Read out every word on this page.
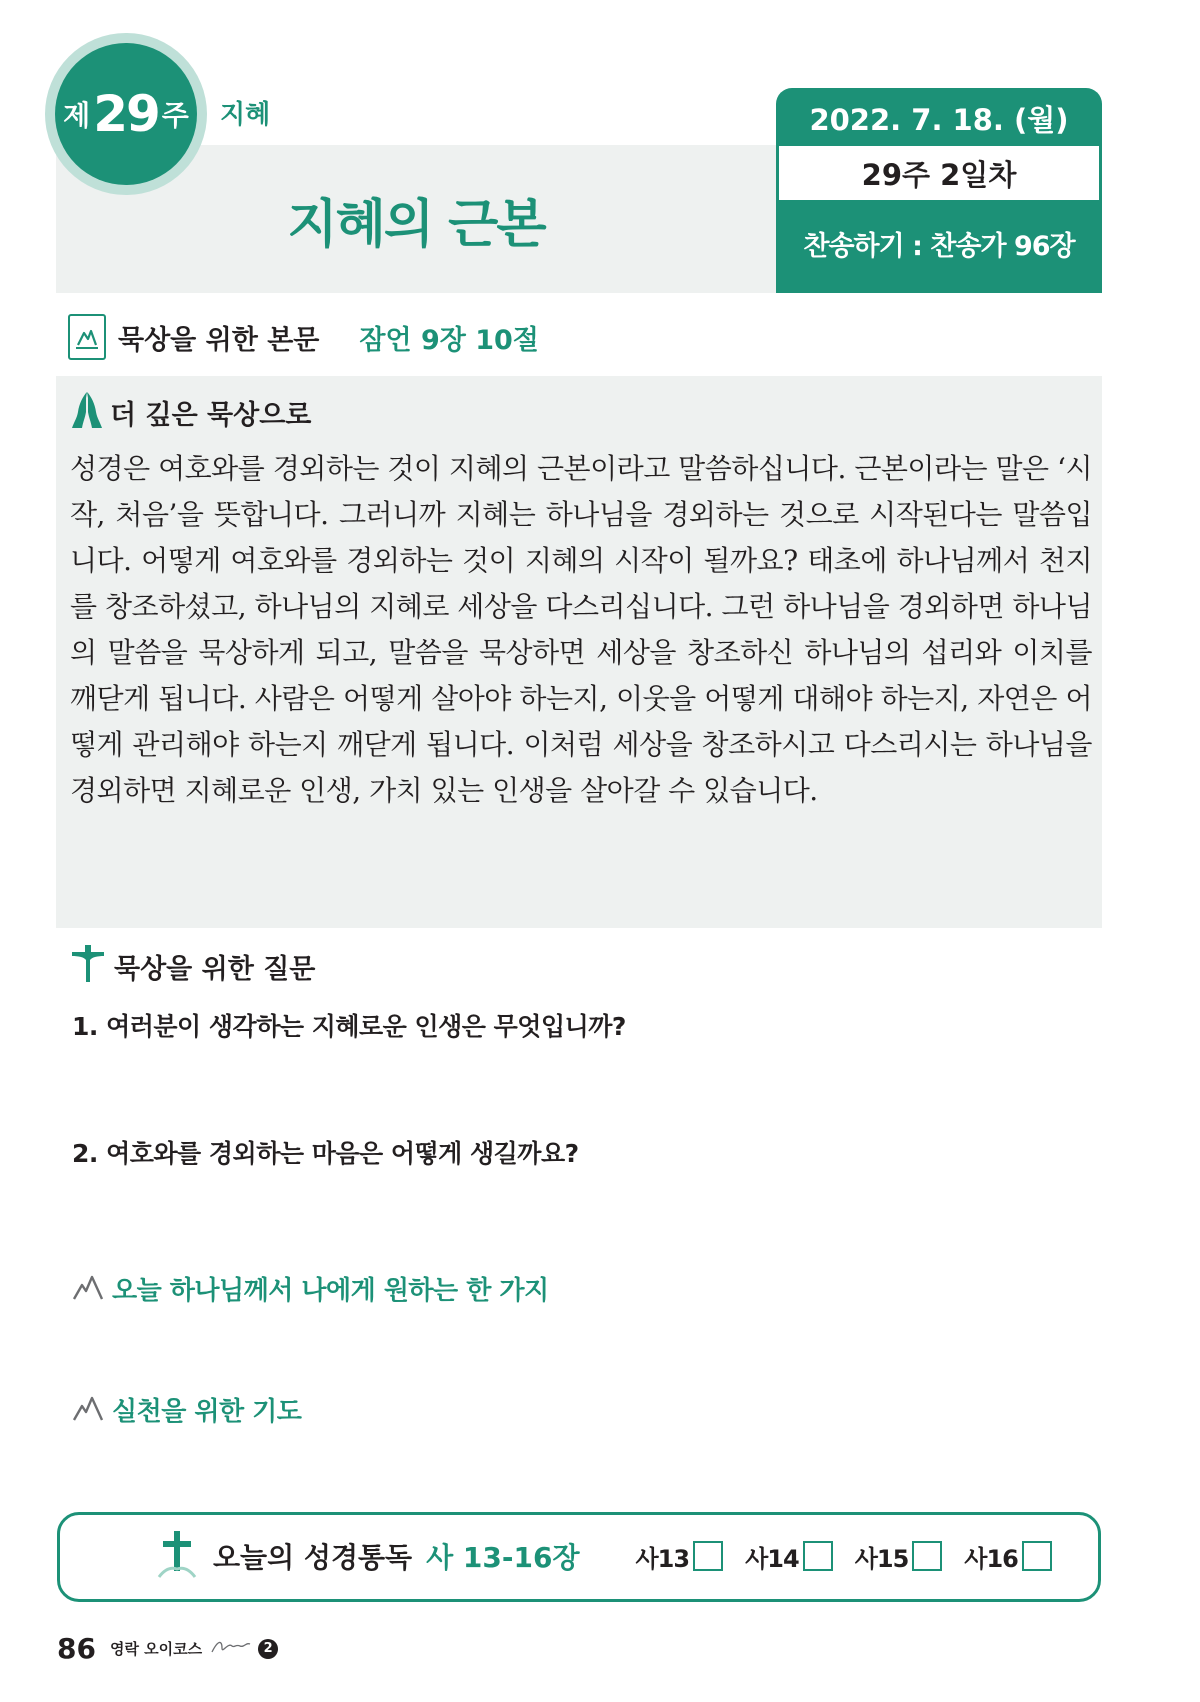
제 29 주 지혜
지혜의 근본
2022. 7. 18. (월)
29주 2일차
찬송하기 : 찬송가 96장
묵상을 위한 본문 잠언 9장 10절
더 깊은 묵상으로
성경은 여호와를 경외하는 것이 지혜의 근본이라고 말씀하십니다. 근본이라는 말은 ‘시작, 처음’을 뜻합니다. 그러니까 지혜는 하나님을 경외하는 것으로 시작된다는 말씀입니다. 어떻게 여호와를 경외하는 것이 지혜의 시작이 될까요? 태초에 하나님께서 천지를 창조하셨고, 하나님의 지혜로 세상을 다스리십니다. 그런 하나님을 경외하면 하나님의 말씀을 묵상하게 되고, 말씀을 묵상하면 세상을 창조하신 하나님의 섭리와 이치를 깨닫게 됩니다. 사람은 어떻게 살아야 하는지, 이웃을 어떻게 대해야 하는지, 자연은 어떻게 관리해야 하는지 깨닫게 됩니다. 이처럼 세상을 창조하시고 다스리시는 하나님을 경외하면 지혜로운 인생, 가치 있는 인생을 살아갈 수 있습니다.
묵상을 위한 질문
1. 여러분이 생각하는 지혜로운 인생은 무엇입니까?
2. 여호와를 경외하는 마음은 어떻게 생길까요?
오늘 하나님께서 나에게 원하는 한 가지
실천을 위한 기도
오늘의 성경통독 사 13-16장 사13 사14 사15 사16
86 영락 오이코스	2
